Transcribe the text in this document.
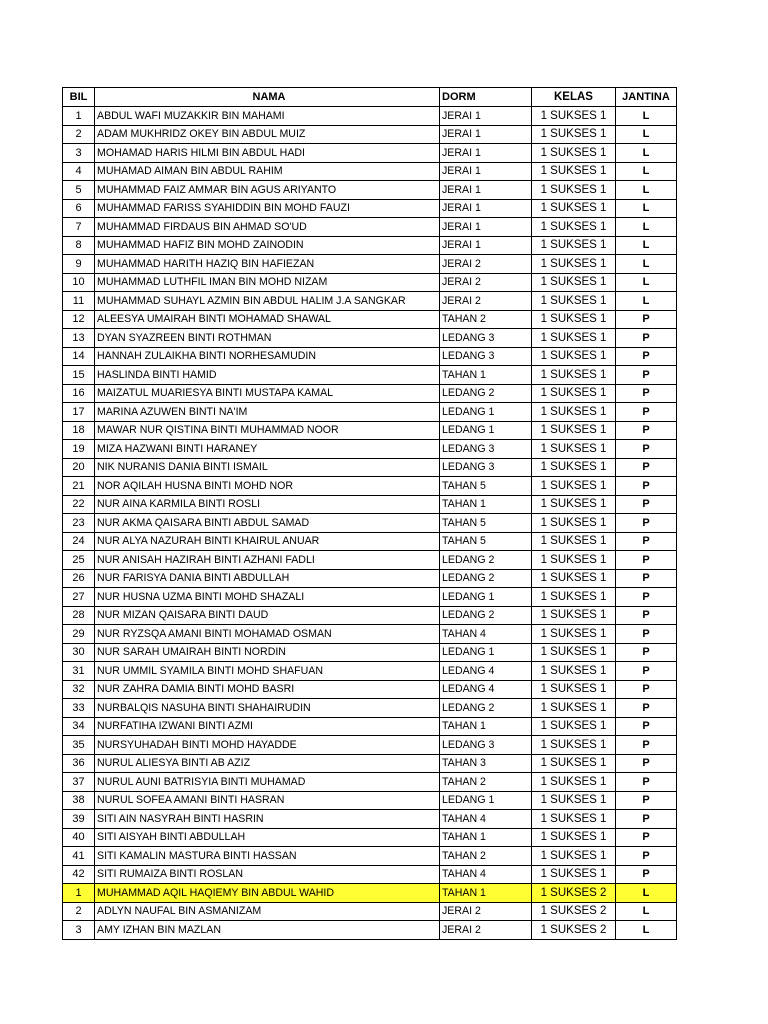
BIL	NAMA	DORM	KELAS	JANTINA
1	ABDUL WAFI MUZAKKIR BIN MAHAMI	JERAI 1	1 SUKSES 1	L
2	ADAM MUKHRIDZ OKEY BIN ABDUL MUIZ	JERAI 1	1 SUKSES 1	L
3	MOHAMAD HARIS HILMI BIN ABDUL HADI	JERAI 1	1 SUKSES 1	L
4	MUHAMAD AIMAN BIN ABDUL RAHIM	JERAI 1	1 SUKSES 1	L
5	MUHAMMAD FAIZ AMMAR BIN AGUS ARIYANTO	JERAI 1	1 SUKSES 1	L
6	MUHAMMAD FARISS SYAHIDDIN BIN MOHD FAUZI	JERAI 1	1 SUKSES 1	L
7	MUHAMMAD FIRDAUS BIN AHMAD SO'UD	JERAI 1	1 SUKSES 1	L
8	MUHAMMAD HAFIZ BIN MOHD ZAINODIN	JERAI 1	1 SUKSES 1	L
9	MUHAMMAD HARITH HAZIQ BIN HAFIEZAN	JERAI 2	1 SUKSES 1	L
10	MUHAMMAD LUTHFIL IMAN BIN MOHD NIZAM	JERAI 2	1 SUKSES 1	L
11	MUHAMMAD SUHAYL AZMIN BIN ABDUL HALIM J.A SANGKAR	JERAI 2	1 SUKSES 1	L
12	ALEESYA UMAIRAH BINTI MOHAMAD SHAWAL	TAHAN 2	1 SUKSES 1	P
13	DYAN SYAZREEN BINTI ROTHMAN	LEDANG 3	1 SUKSES 1	P
14	HANNAH ZULAIKHA BINTI NORHESAMUDIN	LEDANG 3	1 SUKSES 1	P
15	HASLINDA BINTI HAMID	TAHAN 1	1 SUKSES 1	P
16	MAIZATUL MUARIESYA BINTI MUSTAPA KAMAL	LEDANG 2	1 SUKSES 1	P
17	MARINA AZUWEN BINTI NA'IM	LEDANG 1	1 SUKSES 1	P
18	MAWAR NUR QISTINA BINTI MUHAMMAD NOOR	LEDANG 1	1 SUKSES 1	P
19	MIZA HAZWANI BINTI HARANEY	LEDANG 3	1 SUKSES 1	P
20	NIK NURANIS DANIA BINTI ISMAIL	LEDANG 3	1 SUKSES 1	P
21	NOR AQILAH HUSNA BINTI MOHD NOR	TAHAN 5	1 SUKSES 1	P
22	NUR AINA KARMILA BINTI ROSLI	TAHAN 1	1 SUKSES 1	P
23	NUR AKMA QAISARA BINTI ABDUL SAMAD	TAHAN 5	1 SUKSES 1	P
24	NUR ALYA NAZURAH BINTI KHAIRUL ANUAR	TAHAN 5	1 SUKSES 1	P
25	NUR ANISAH HAZIRAH BINTI AZHANI FADLI	LEDANG 2	1 SUKSES 1	P
26	NUR FARISYA DANIA BINTI ABDULLAH	LEDANG 2	1 SUKSES 1	P
27	NUR HUSNA UZMA BINTI MOHD SHAZALI	LEDANG 1	1 SUKSES 1	P
28	NUR MIZAN QAISARA BINTI DAUD	LEDANG 2	1 SUKSES 1	P
29	NUR RYZSQA AMANI BINTI MOHAMAD OSMAN	TAHAN 4	1 SUKSES 1	P
30	NUR SARAH UMAIRAH BINTI NORDIN	LEDANG 1	1 SUKSES 1	P
31	NUR UMMIL SYAMILA BINTI MOHD SHAFUAN	LEDANG 4	1 SUKSES 1	P
32	NUR ZAHRA DAMIA BINTI MOHD BASRI	LEDANG 4	1 SUKSES 1	P
33	NURBALQIS NASUHA BINTI SHAHAIRUDIN	LEDANG 2	1 SUKSES 1	P
34	NURFATIHA IZWANI BINTI AZMI	TAHAN 1	1 SUKSES 1	P
35	NURSYUHADAH BINTI MOHD HAYADDE	LEDANG 3	1 SUKSES 1	P
36	NURUL ALIESYA BINTI AB AZIZ	TAHAN 3	1 SUKSES 1	P
37	NURUL AUNI BATRISYIA BINTI MUHAMAD	TAHAN 2	1 SUKSES 1	P
38	NURUL SOFEA AMANI BINTI HASRAN	LEDANG 1	1 SUKSES 1	P
39	SITI AIN NASYRAH BINTI HASRIN	TAHAN 4	1 SUKSES 1	P
40	SITI AISYAH BINTI ABDULLAH	TAHAN 1	1 SUKSES 1	P
41	SITI KAMALIN MASTURA BINTI HASSAN	TAHAN 2	1 SUKSES 1	P
42	SITI RUMAIZA BINTI ROSLAN	TAHAN 4	1 SUKSES 1	P
1	MUHAMMAD AQIL HAQIEMY BIN ABDUL WAHID	TAHAN 1	1 SUKSES 2	L
2	ADLYN NAUFAL BIN ASMANIZAM	JERAI 2	1 SUKSES 2	L
3	AMY IZHAN BIN MAZLAN	JERAI 2	1 SUKSES 2	L
